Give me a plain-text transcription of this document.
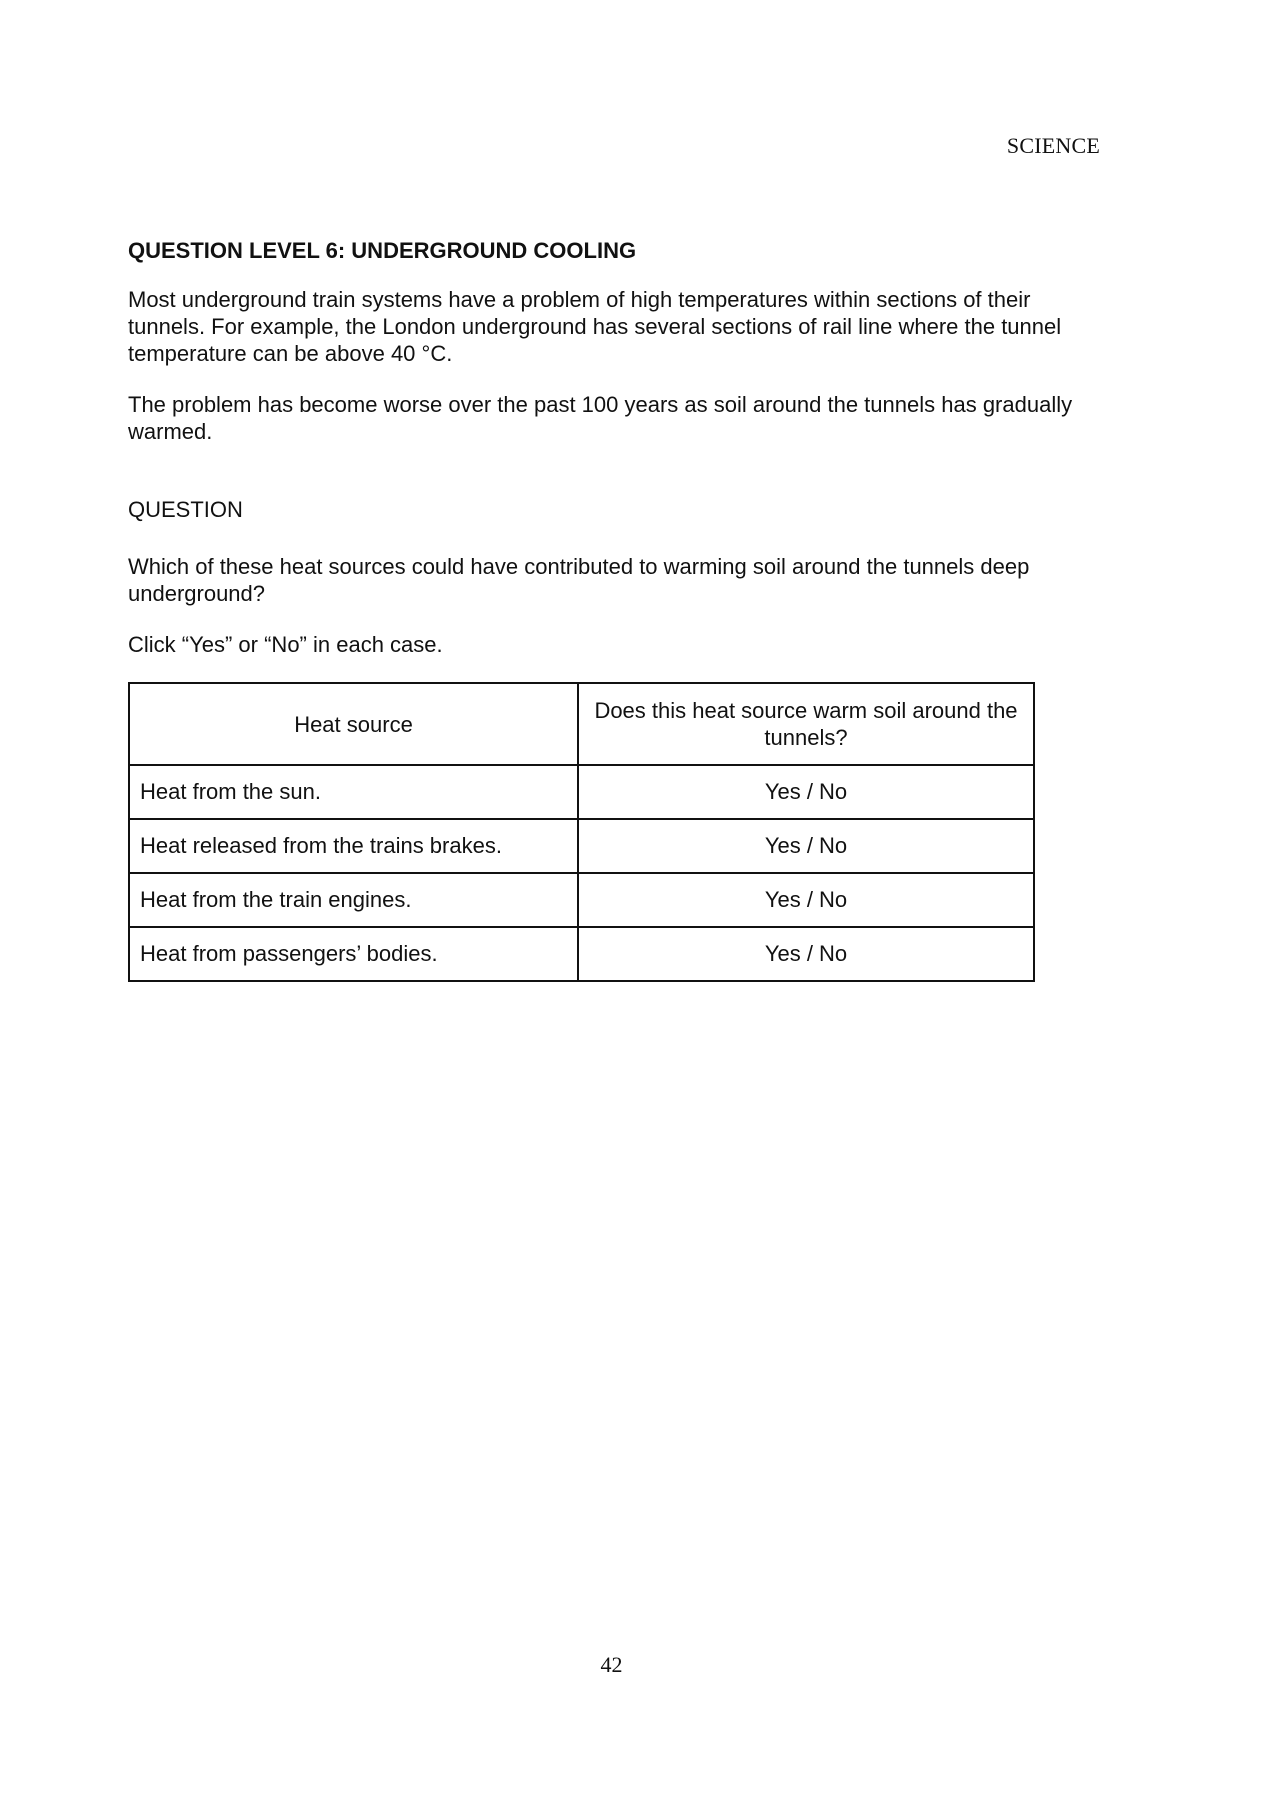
SCIENCE
QUESTION LEVEL 6: UNDERGROUND COOLING

Most underground train systems have a problem of high temperatures within sections of their tunnels. For example, the London underground has several sections of rail line where the tunnel temperature can be above 40 °C.

The problem has become worse over the past 100 years as soil around the tunnels has gradually warmed.

QUESTION

Which of these heat sources could have contributed to warming soil around the tunnels deep underground?

Click “Yes” or “No” in each case.

Heat source	Does this heat source warm soil around the tunnels?
Heat from the sun.	Yes / No
Heat released from the trains brakes.	Yes / No
Heat from the train engines.	Yes / No
Heat from passengers’ bodies.	Yes / No
42
